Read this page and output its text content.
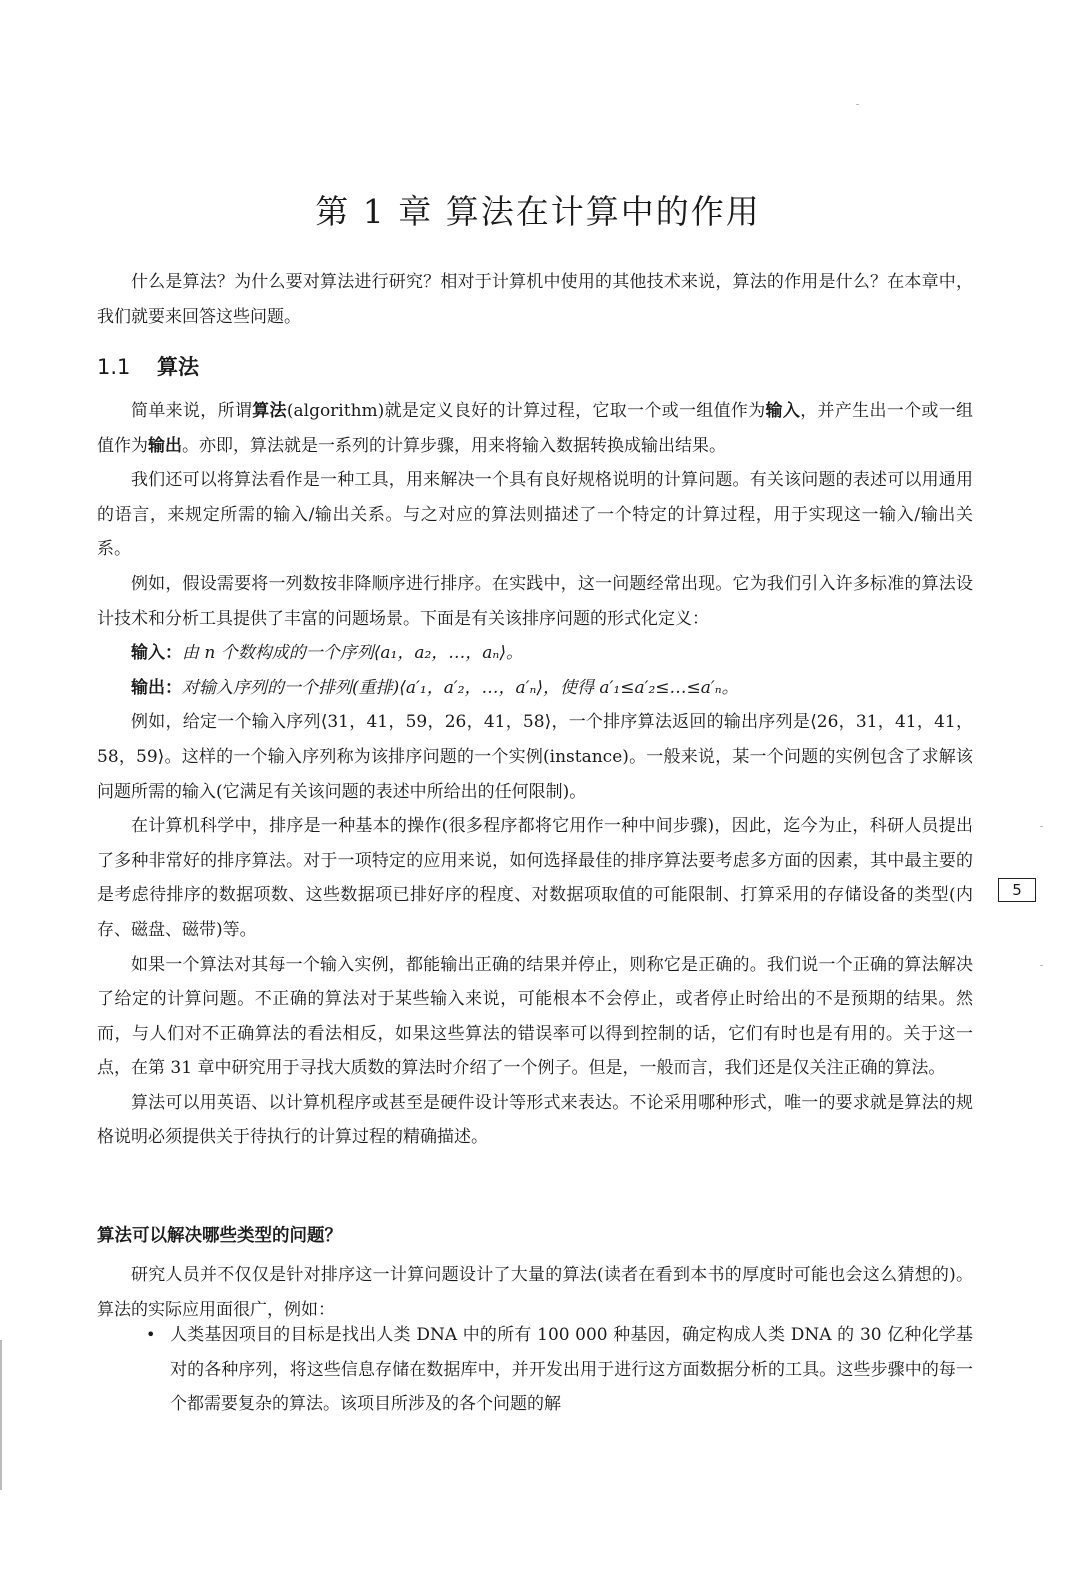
第 1 章 算法在计算中的作用

什么是算法？为什么要对算法进行研究？相对于计算机中使用的其他技术来说，算法的作用是什么？在本章中，我们就要来回答这些问题。

1.1 算法

简单来说，所谓算法(algorithm)就是定义良好的计算过程，它取一个或一组值作为输入，并产生出一个或一组值作为输出。亦即，算法就是一系列的计算步骤，用来将输入数据转换成输出结果。

我们还可以将算法看作是一种工具，用来解决一个具有良好规格说明的计算问题。有关该问题的表述可以用通用的语言，来规定所需的输入/输出关系。与之对应的算法则描述了一个特定的计算过程，用于实现这一输入/输出关系。

例如，假设需要将一列数按非降顺序进行排序。在实践中，这一问题经常出现。它为我们引入许多标准的算法设计技术和分析工具提供了丰富的问题场景。下面是有关该排序问题的形式化定义：

输入：由 n 个数构成的一个序列⟨a₁，a₂，…，aₙ⟩。

输出：对输入序列的一个排列(重排)⟨a′₁，a′₂，…，a′ₙ⟩，使得 a′₁≤a′₂≤…≤a′ₙ。

例如，给定一个输入序列⟨31，41，59，26，41，58⟩，一个排序算法返回的输出序列是⟨26，31，41，41，58，59⟩。这样的一个输入序列称为该排序问题的一个实例(instance)。一般来说，某一个问题的实例包含了求解该问题所需的输入(它满足有关该问题的表述中所给出的任何限制)。

在计算机科学中，排序是一种基本的操作(很多程序都将它用作一种中间步骤)，因此，迄今为止，科研人员提出了多种非常好的排序算法。对于一项特定的应用来说，如何选择最佳的排序算法要考虑多方面的因素，其中最主要的是考虑待排序的数据项数、这些数据项已排好序的程度、对数据项取值的可能限制、打算采用的存储设备的类型(内存、磁盘、磁带)等。

如果一个算法对其每一个输入实例，都能输出正确的结果并停止，则称它是正确的。我们说一个正确的算法解决了给定的计算问题。不正确的算法对于某些输入来说，可能根本不会停止，或者停止时给出的不是预期的结果。然而，与人们对不正确算法的看法相反，如果这些算法的错误率可以得到控制的话，它们有时也是有用的。关于这一点，在第 31 章中研究用于寻找大质数的算法时介绍了一个例子。但是，一般而言，我们还是仅关注正确的算法。

算法可以用英语、以计算机程序或甚至是硬件设计等形式来表达。不论采用哪种形式，唯一的要求就是算法的规格说明必须提供关于待执行的计算过程的精确描述。

5
算法可以解决哪些类型的问题？

研究人员并不仅仅是针对排序这一计算问题设计了大量的算法(读者在看到本书的厚度时可能也会这么猜想的)。算法的实际应用面很广，例如：

• 人类基因项目的目标是找出人类 DNA 中的所有 100 000 种基因，确定构成人类 DNA 的 30 亿种化学基对的各种序列，将这些信息存储在数据库中，并开发出用于进行这方面数据分析的工具。这些步骤中的每一个都需要复杂的算法。该项目所涉及的各个问题的解
